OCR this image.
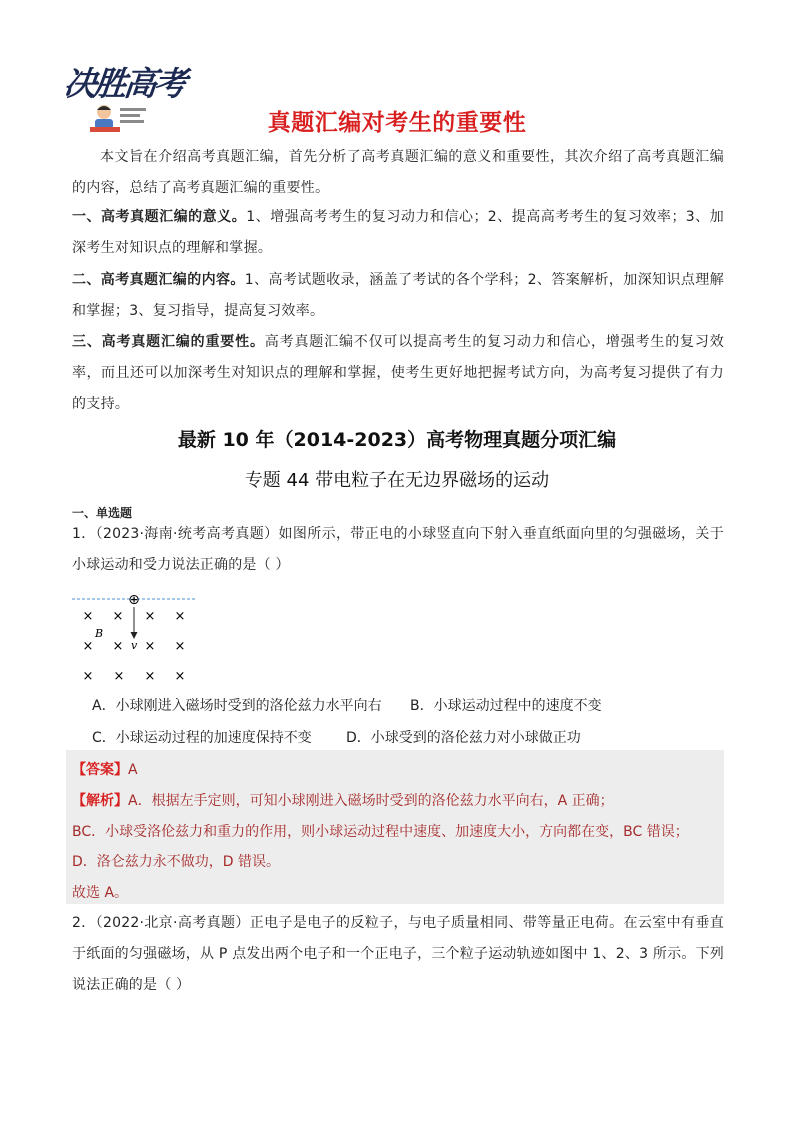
决胜高考
真题汇编对考生的重要性
本文旨在介绍高考真题汇编，首先分析了高考真题汇编的意义和重要性，其次介绍了高考真题汇编的内容，总结了高考真题汇编的重要性。
一、高考真题汇编的意义。1、增强高考考生的复习动力和信心；2、提高高考考生的复习效率；3、加深考生对知识点的理解和掌握。
二、高考真题汇编的内容。1、高考试题收录，涵盖了考试的各个学科；2、答案解析，加深知识点理解和掌握；3、复习指导，提高复习效率。
三、高考真题汇编的重要性。高考真题汇编不仅可以提高考生的复习动力和信心，增强考生的复习效率，而且还可以加深考生对知识点的理解和掌握，使考生更好地把握考试方向，为高考复习提供了有力的支持。
最新 10 年（2014-2023）高考物理真题分项汇编
专题 44 带电粒子在无边界磁场的运动
一、单选题
1．（2023·海南·统考高考真题）如图所示，带正电的小球竖直向下射入垂直纸面向里的匀强磁场，关于小球运动和受力说法正确的是（ ）
⊕
v
B
× × × ×
× × × ×
× × × ×
A．小球刚进入磁场时受到的洛伦兹力水平向右 B．小球运动过程中的速度不变
C．小球运动过程的加速度保持不变 D．小球受到的洛伦兹力对小球做正功
【答案】A
【解析】A．根据左手定则，可知小球刚进入磁场时受到的洛伦兹力水平向右，A 正确；
BC．小球受洛伦兹力和重力的作用，则小球运动过程中速度、加速度大小，方向都在变，BC 错误；
D．洛仑兹力永不做功，D 错误。
故选 A。
2．（2022·北京·高考真题）正电子是电子的反粒子，与电子质量相同、带等量正电荷。在云室中有垂直于纸面的匀强磁场，从 P 点发出两个电子和一个正电子，三个粒子运动轨迹如图中 1、2、3 所示。下列说法正确的是（ ）
